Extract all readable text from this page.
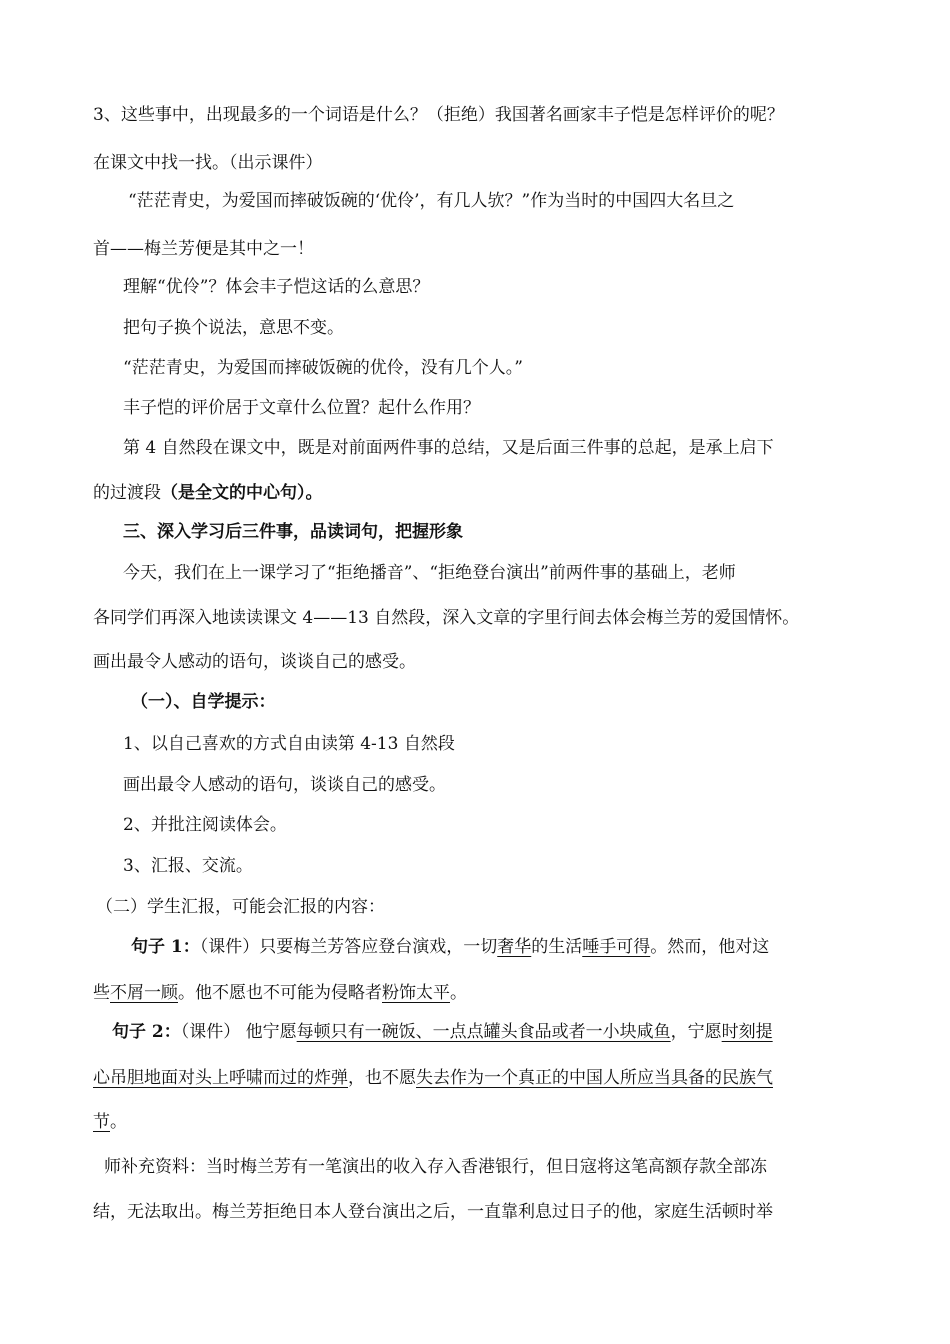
3、这些事中，出现最多的一个词语是什么？（拒绝）我国著名画家丰子恺是怎样评价的呢？
在课文中找一找。（出示课件）
“茫茫青史，为爱国而摔破饭碗的‘优伶’，有几人欤？”作为当时的中国四大名旦之
首——梅兰芳便是其中之一！
理解“优伶”？体会丰子恺这话的么意思？
把句子换个说法，意思不变。
“茫茫青史，为爱国而摔破饭碗的优伶，没有几个人。”
丰子恺的评价居于文章什么位置？起什么作用？
第 4 自然段在课文中，既是对前面两件事的总结，又是后面三件事的总起，是承上启下
的过渡段（是全文的中心句）。
三、深入学习后三件事，品读词句，把握形象
今天，我们在上一课学习了“拒绝播音”、“拒绝登台演出”前两件事的基础上，老师
各同学们再深入地读读课文 4——13 自然段，深入文章的字里行间去体会梅兰芳的爱国情怀。
画出最令人感动的语句，谈谈自己的感受。
（一）、自学提示：
1、以自己喜欢的方式自由读第 4-13 自然段
画出最令人感动的语句，谈谈自己的感受。
2、并批注阅读体会。
3、汇报、交流。
（二）学生汇报，可能会汇报的内容：
句子 1：（课件）只要梅兰芳答应登台演戏，一切奢华的生活唾手可得。然而，他对这
些不屑一顾。他不愿也不可能为侵略者粉饰太平。
句子 2：（课件） 他宁愿每顿只有一碗饭、一点点罐头食品或者一小块咸鱼，宁愿时刻提
心吊胆地面对头上呼啸而过的炸弹，也不愿失去作为一个真正的中国人所应当具备的民族气
节。
师补充资料：当时梅兰芳有一笔演出的收入存入香港银行，但日寇将这笔高额存款全部冻
结，无法取出。梅兰芳拒绝日本人登台演出之后，一直靠利息过日子的他，家庭生活顿时举
